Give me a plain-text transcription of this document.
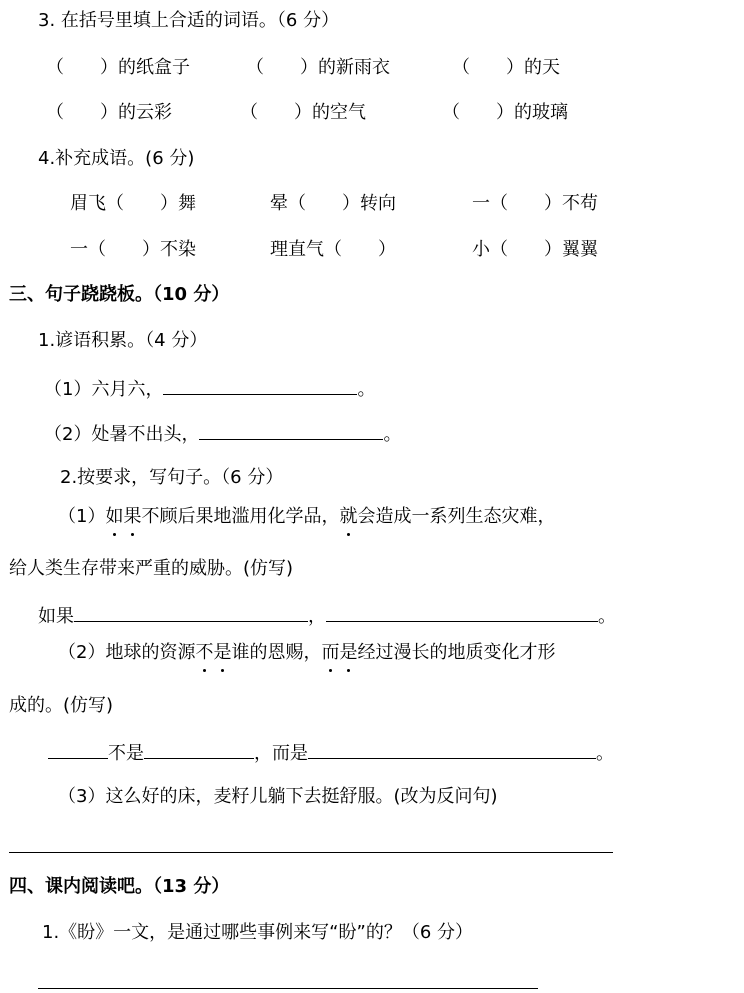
3. 在括号里填上合适的词语。（6 分）
（　　）的纸盒子	（　　）的新雨衣	（　　）的天
（　　）的云彩	（　　）的空气	（　　）的玻璃
4.补充成语。(6 分)
眉飞（　　）舞	晕（　　）转向	一（　　）不苟
一（　　）不染	理直气（　　）	小（　　）翼翼
三、句子跷跷板。（10 分）
1.谚语积累。（4 分）
（1）六月六，	。
（2）处暑不出头，	。
2.按要求，写句子。（6 分）
（1）如果不顾后果地滥用化学品，就会造成一系列生态灾难，
给人类生存带来严重的威胁。(仿写)
如果	，	。
（2）地球的资源不是谁的恩赐，而是经过漫长的地质变化才形
成的。(仿写)
不是	，而是	。
（3）这么好的床，麦籽儿躺下去挺舒服。(改为反问句)
四、课内阅读吧。（13 分）
1.《盼》一文，是通过哪些事例来写“盼”的？（6 分）
